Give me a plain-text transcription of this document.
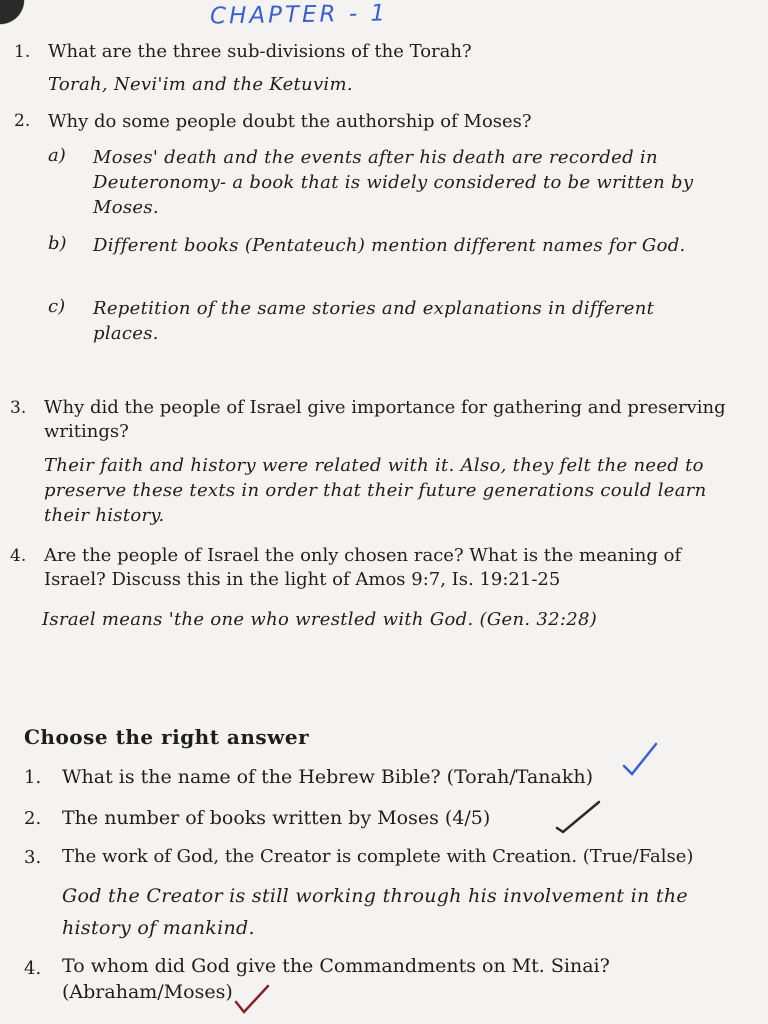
CHAPTER - 1
1. What are the three sub-divisions of the Torah?
Torah, Nevi'im and the Ketuvim.
2. Why do some people doubt the authorship of Moses?
a) Moses' death and the events after his death are recorded in Deuteronomy- a book that is widely considered to be written by Moses.
b) Different books (Pentateuch) mention different names for God.
c) Repetition of the same stories and explanations in different places.
3. Why did the people of Israel give importance for gathering and preserving writings?
Their faith and history were related with it. Also, they felt the need to preserve these texts in order that their future generations could learn their history.
4. Are the people of Israel the only chosen race? What is the meaning of Israel? Discuss this in the light of Amos 9:7, Is. 19:21-25
Israel means 'the one who wrestled with God. (Gen. 32:28)
Choose the right answer
1. What is the name of the Hebrew Bible? (Torah/Tanakh)
2. The number of books written by Moses (4/5)
3. The work of God, the Creator is complete with Creation. (True/False)
God the Creator is still working through his involvement in the history of mankind.
4. To whom did God give the Commandments on Mt. Sinai? (Abraham/Moses)
